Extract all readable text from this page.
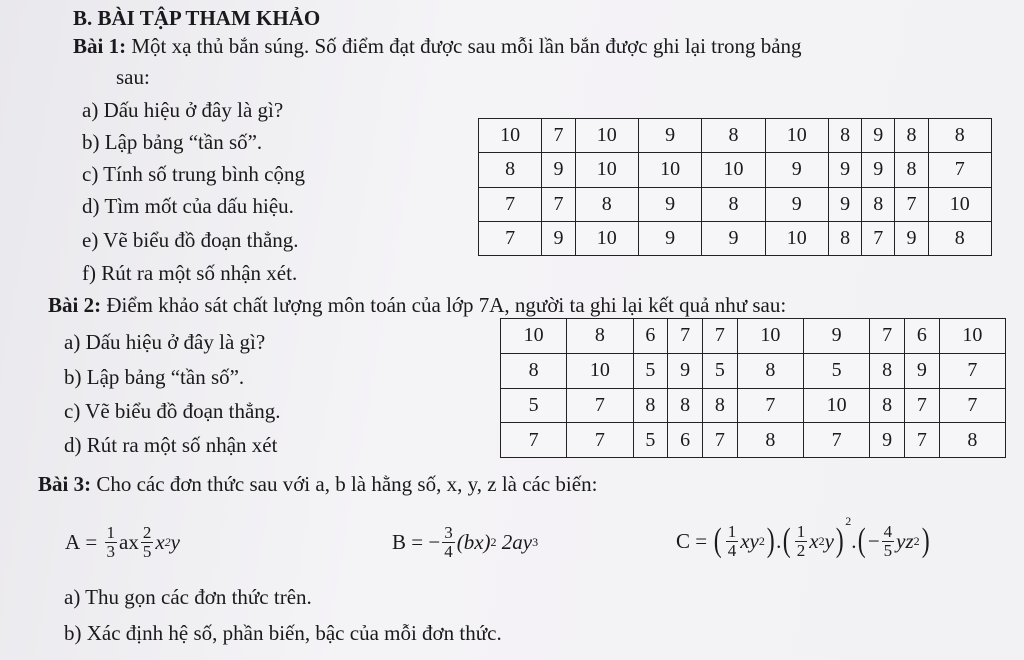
B. BÀI TẬP THAM KHẢO
Bài 1: Một xạ thủ bắn súng. Số điểm đạt được sau mỗi lần bắn được ghi lại trong bảng
sau:
a) Dấu hiệu ở đây là gì?
b) Lập bảng “tần số”.
c) Tính số trung bình cộng
d) Tìm mốt của dấu hiệu.
e) Vẽ biểu đồ đoạn thẳng.
f) Rút ra một số nhận xét.
10	7	10	9	8	10	8	9	8	8
8	9	10	10	10	9	9	9	8	7
7	7	8	9	8	9	9	8	7	10
7	9	10	9	9	10	8	7	9	8
Bài 2: Điểm khảo sát chất lượng môn toán của lớp 7A, người ta ghi lại kết quả như sau:
a) Dấu hiệu ở đây là gì?
b) Lập bảng “tần số”.
c) Vẽ biểu đồ đoạn thẳng.
d) Rút ra một số nhận xét
10	8	6	7	7	10	9	7	6	10
8	10	5	9	5	8	5	8	9	7
5	7	8	8	8	7	10	8	7	7
7	7	5	6	7	8	7	9	7	8
Bài 3: Cho các đơn thức sau với a, b là hằng số, x, y, z là các biến:
$A = \frac{1}{3}$ a x $\frac{2}{5}$ x 2 y	B = − $\frac{3}{4} (bx)$ 2 2ay 3	C = ( $\frac{1}{4}$ xy 2 ) . ( $\frac{1}{2}$ x 2 y )
$^2$
. ( − $\frac{4}{5}$ yz 2 )
a) Thu gọn các đơn thức trên.
b) Xác định hệ số, phần biến, bậc của mỗi đơn thức.
